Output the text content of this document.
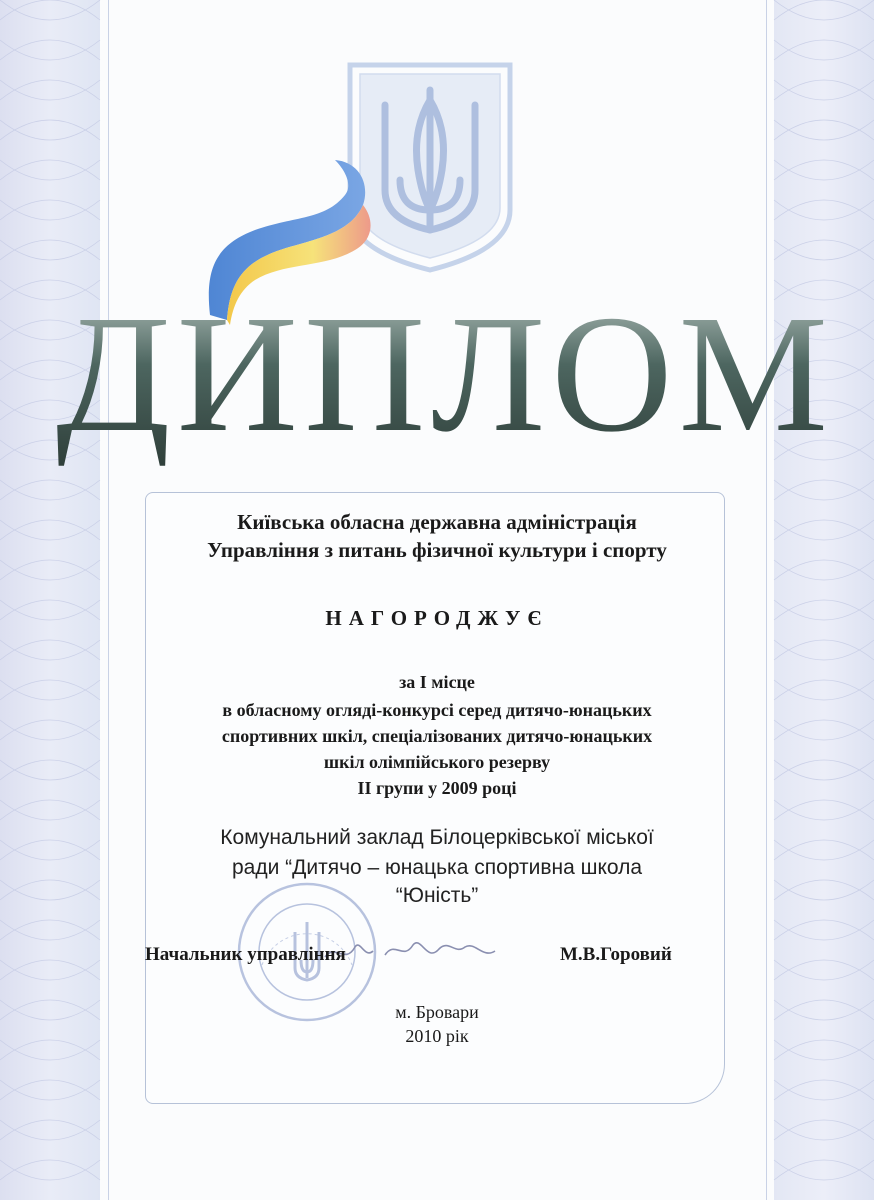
ДИПЛОМ
Київська обласна державна адміністрація
Управління з питань фізичної культури і спорту
НАГОРОДЖУЄ
за I місце
в обласному огляді-конкурсі серед дитячо-юнацьких
спортивних шкіл, спеціалізованих дитячо-юнацьких
шкіл олімпійського резерву
II групи у 2009 році
Комунальний заклад Білоцерківської міської
ради “Дитячо – юнацька спортивна школа
“Юність”
Начальник управління	М.В.Горовий
м. Бровари
2010 рік
